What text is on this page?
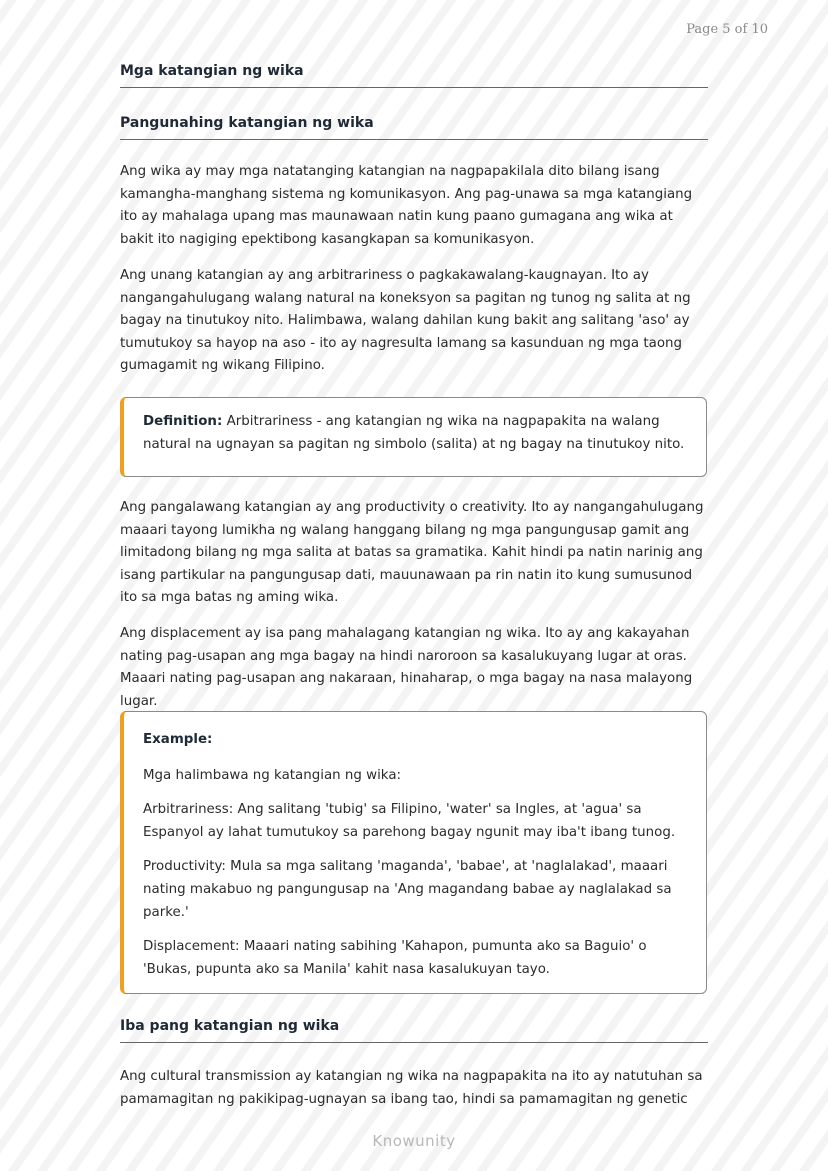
Page 5 of 10
Mga katangian ng wika
Pangunahing katangian ng wika

Ang wika ay may mga natatanging katangian na nagpapakilala dito bilang isang kamangha-manghang sistema ng komunikasyon. Ang pag-unawa sa mga katangiang ito ay mahalaga upang mas maunawaan natin kung paano gumagana ang wika at bakit ito nagiging epektibong kasangkapan sa komunikasyon.

Ang unang katangian ay ang arbitrariness o pagkakawalang-kaugnayan. Ito ay nangangahulugang walang natural na koneksyon sa pagitan ng tunog ng salita at ng bagay na tinutukoy nito. Halimbawa, walang dahilan kung bakit ang salitang 'aso' ay tumutukoy sa hayop na aso - ito ay nagresulta lamang sa kasunduan ng mga taong gumagamit ng wikang Filipino.

Definition: Arbitrariness - ang katangian ng wika na nagpapakita na walang natural na ugnayan sa pagitan ng simbolo (salita) at ng bagay na tinutukoy nito.

Ang pangalawang katangian ay ang productivity o creativity. Ito ay nangangahulugang maaari tayong lumikha ng walang hanggang bilang ng mga pangungusap gamit ang limitadong bilang ng mga salita at batas sa gramatika. Kahit hindi pa natin narinig ang isang partikular na pangungusap dati, mauunawaan pa rin natin ito kung sumusunod ito sa mga batas ng aming wika.

Ang displacement ay isa pang mahalagang katangian ng wika. Ito ay ang kakayahan nating pag-usapan ang mga bagay na hindi naroroon sa kasalukuyang lugar at oras. Maaari nating pag-usapan ang nakaraan, hinaharap, o mga bagay na nasa malayong lugar.

Example:

Mga halimbawa ng katangian ng wika:

Arbitrariness: Ang salitang 'tubig' sa Filipino, 'water' sa Ingles, at 'agua' sa Espanyol ay lahat tumutukoy sa parehong bagay ngunit may iba't ibang tunog.

Productivity: Mula sa mga salitang 'maganda', 'babae', at 'naglalakad', maaari nating makabuo ng pangungusap na 'Ang magandang babae ay naglalakad sa parke.'

Displacement: Maaari nating sabihing 'Kahapon, pumunta ako sa Baguio' o 'Bukas, pupunta ako sa Manila' kahit nasa kasalukuyan tayo.

Iba pang katangian ng wika

Ang cultural transmission ay katangian ng wika na nagpapakita na ito ay natutuhan sa pamamagitan ng pakikipag-ugnayan sa ibang tao, hindi sa pamamagitan ng genetic

Knowunity
